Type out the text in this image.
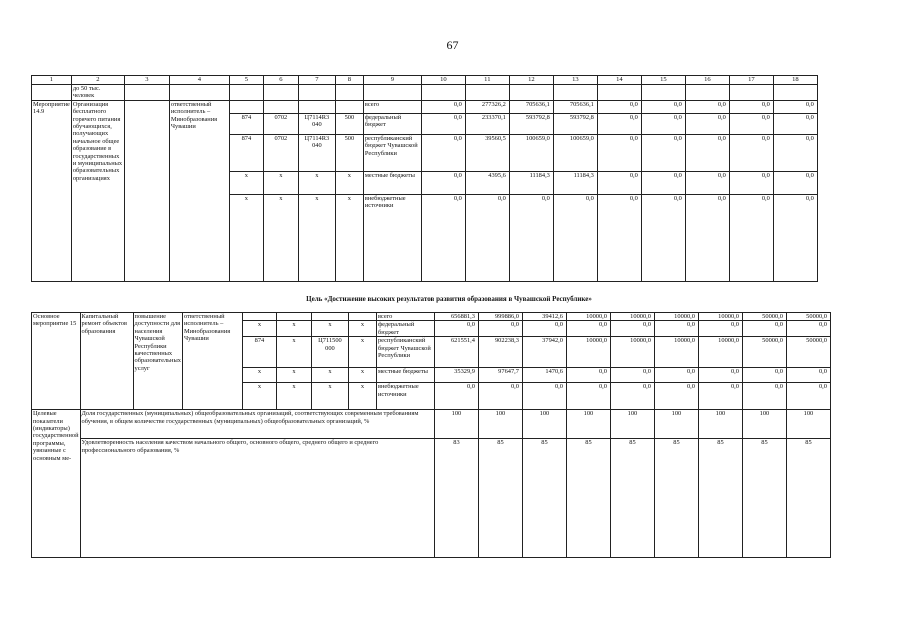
67
1	2	3	4	5	6	7	8	9	10	11	12	13	14	15	16	17	18
	до 50 тыс. человек																
Мероприятие 14.9	Организация бесплатного горячего питания обучающихся, получающих начальное общее образование в государственных и муниципальных образовательных организациях		ответственный исполнитель – Минобразования Чувашии					всего	0,0	277326,2	705636,1	705636,1	0,0	0,0	0,0	0,0	0,0
				874	0702	Ц7114R3 040	500	федеральный бюджет	0,0	233370,1	593792,8	593792,8	0,0	0,0	0,0	0,0	0,0
				874	0702	Ц7114R3 040	500	республиканский бюджет Чувашской Республики	0,0	39560,5	100659,0	100659,0	0,0	0,0	0,0	0,0	0,0
				x	x	x	x	местные бюджеты	0,0	4395,6	11184,3	11184,3	0,0	0,0	0,0	0,0	0,0
				x	x	x	x	внебюджетные источники	0,0	0,0	0,0	0,0	0,0	0,0	0,0	0,0	0,0
Цель «Достижение высоких результатов развития образования в Чувашской Республике»
Основное мероприятие 15	Капитальный ремонт объектов образования	повышение доступности для населения Чувашской Республики качественных образовательных услуг	ответственный исполнитель – Минобразования Чувашии					всего	656881,3	999886,0	39412,6	10000,0	10000,0	10000,0	10000,0	50000,0	50000,0
				x	x	x	x	федеральный бюджет	0,0	0,0	0,0	0,0	0,0	0,0	0,0	0,0	0,0
				874	x	Ц711500 000	x	республиканский бюджет Чувашской Республики	621551,4	902238,3	37942,0	10000,0	10000,0	10000,0	10000,0	50000,0	50000,0
				x	x	x	x	местные бюджеты	35329,9	97647,7	1470,6	0,0	0,0	0,0	0,0	0,0	0,0
				x	x	x	x	внебюджетные источники	0,0	0,0	0,0	0,0	0,0	0,0	0,0	0,0	0,0
Целевые показатели (индикаторы) государственной программы, увязанные с основным ме-	Доля государственных (муниципальных) общеобразовательных организаций, соответствующих современным требованиям обучения, в общем количестве государственных (муниципальных) общеобразовательных организаций, %								100	100	100	100	100	100	100	100	100
	Удовлетворенность населения качеством начального общего, основного общего, среднего общего и среднего профессионального образования, %								83	85	85	85	85	85	85	85	85
